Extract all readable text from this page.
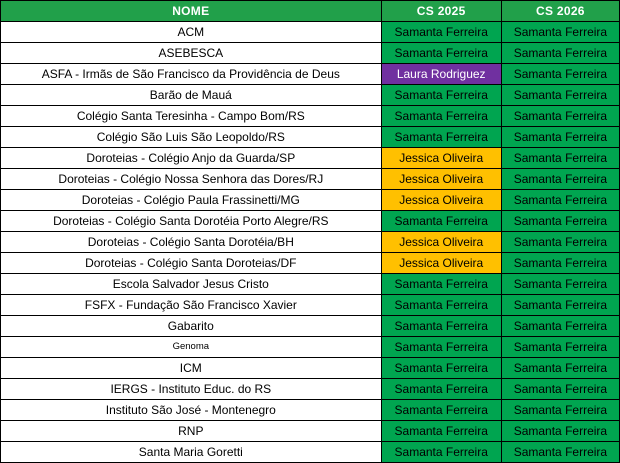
NOME	CS 2025	CS 2026
ACM	Samanta Ferreira	Samanta Ferreira
ASEBESCA	Samanta Ferreira	Samanta Ferreira
ASFA - Irmãs de São Francisco da Providência de Deus	Laura Rodriguez	Samanta Ferreira
Barão de Mauá	Samanta Ferreira	Samanta Ferreira
Colégio Santa Teresinha - Campo Bom/RS	Samanta Ferreira	Samanta Ferreira
Colégio São Luis São Leopoldo/RS	Samanta Ferreira	Samanta Ferreira
Doroteias - Colégio Anjo da Guarda/SP	Jessica Oliveira	Samanta Ferreira
Doroteias - Colégio Nossa Senhora das Dores/RJ	Jessica Oliveira	Samanta Ferreira
Doroteias - Colégio Paula Frassinetti/MG	Jessica Oliveira	Samanta Ferreira
Doroteias - Colégio Santa Dorotéia Porto Alegre/RS	Samanta Ferreira	Samanta Ferreira
Doroteias - Colégio Santa Dorotéia/BH	Jessica Oliveira	Samanta Ferreira
Doroteias - Colégio Santa Doroteias/DF	Jessica Oliveira	Samanta Ferreira
Escola Salvador Jesus Cristo	Samanta Ferreira	Samanta Ferreira
FSFX - Fundação São Francisco Xavier	Samanta Ferreira	Samanta Ferreira
Gabarito	Samanta Ferreira	Samanta Ferreira
Genoma	Samanta Ferreira	Samanta Ferreira
ICM	Samanta Ferreira	Samanta Ferreira
IERGS - Instituto Educ. do RS	Samanta Ferreira	Samanta Ferreira
Instituto São José - Montenegro	Samanta Ferreira	Samanta Ferreira
RNP	Samanta Ferreira	Samanta Ferreira
Santa Maria Goretti	Samanta Ferreira	Samanta Ferreira
